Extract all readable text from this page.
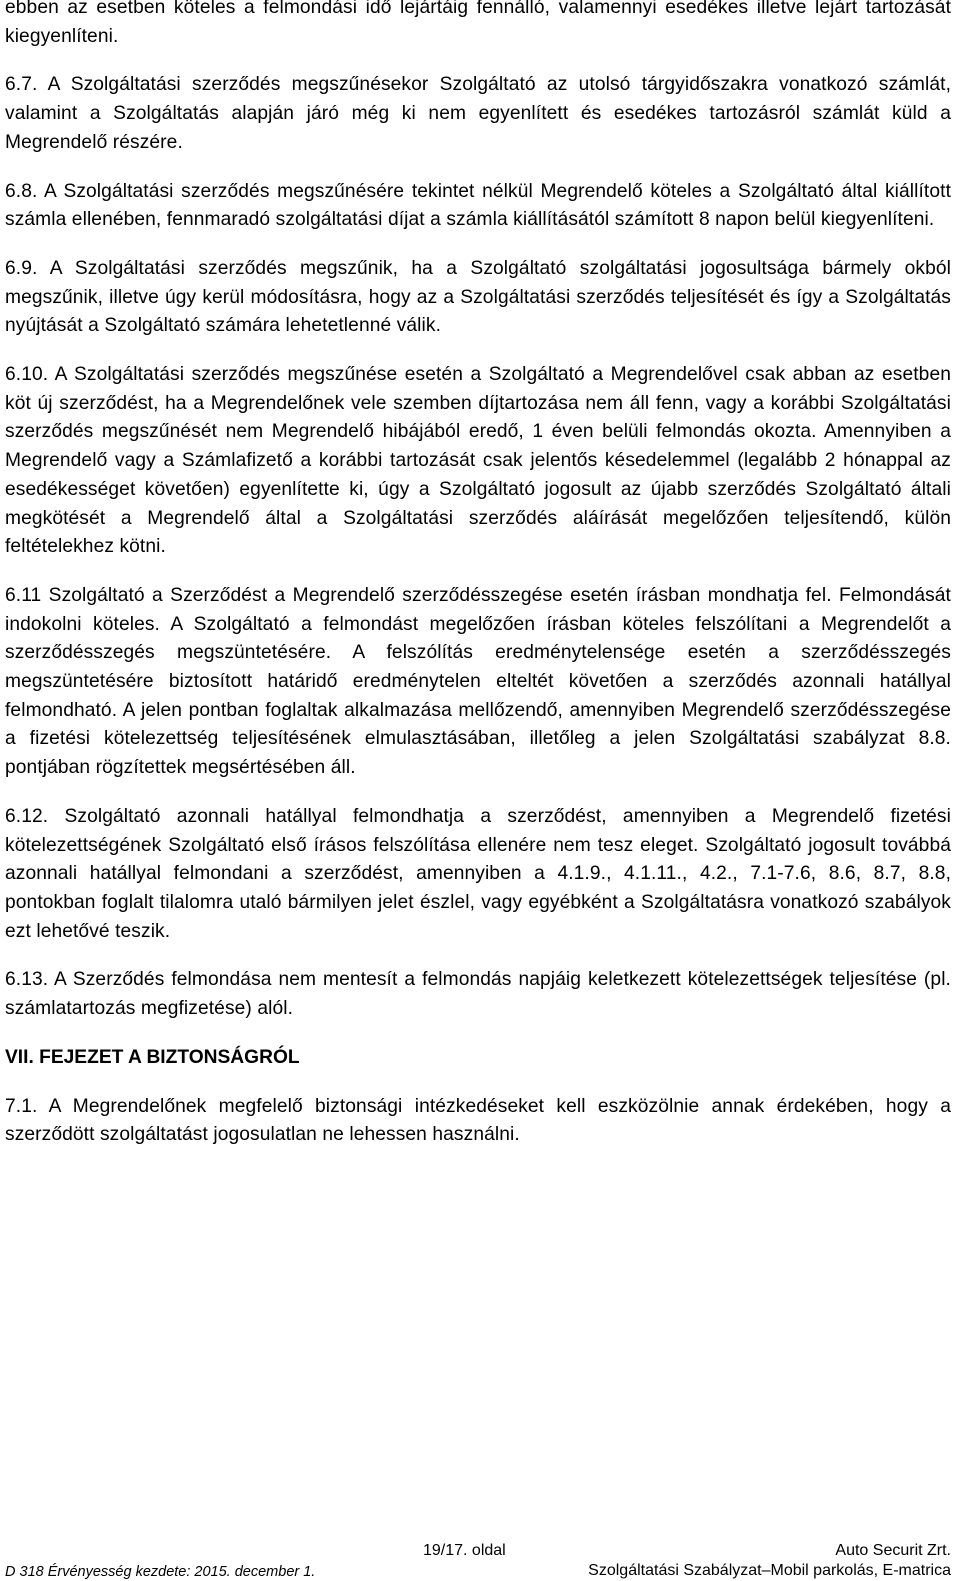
ebben az esetben köteles a felmondási idő lejártáig fennálló, valamennyi esedékes illetve lejárt tartozását kiegyenlíteni.

6.7. A Szolgáltatási szerződés megszűnésekor Szolgáltató az utolsó tárgyidőszakra vonatkozó számlát, valamint a Szolgáltatás alapján járó még ki nem egyenlített és esedékes tartozásról számlát küld a Megrendelő részére.

6.8. A Szolgáltatási szerződés megszűnésére tekintet nélkül Megrendelő köteles a Szolgáltató által kiállított számla ellenében, fennmaradó szolgáltatási díjat a számla kiállításától számított 8 napon belül kiegyenlíteni.

6.9. A Szolgáltatási szerződés megszűnik, ha a Szolgáltató szolgáltatási jogosultsága bármely okból megszűnik, illetve úgy kerül módosításra, hogy az a Szolgáltatási szerződés teljesítését és így a Szolgáltatás nyújtását a Szolgáltató számára lehetetlenné válik.

6.10. A Szolgáltatási szerződés megszűnése esetén a Szolgáltató a Megrendelővel csak abban az esetben köt új szerződést, ha a Megrendelőnek vele szemben díjtartozása nem áll fenn, vagy a korábbi Szolgáltatási szerződés megszűnését nem Megrendelő hibájából eredő, 1 éven belüli felmondás okozta. Amennyiben a Megrendelő vagy a Számlafizető a korábbi tartozását csak jelentős késedelemmel (legalább 2 hónappal az esedékességet követően) egyenlítette ki, úgy a Szolgáltató jogosult az újabb szerződés Szolgáltató általi megkötését a Megrendelő által a Szolgáltatási szerződés aláírását megelőzően teljesítendő, külön feltételekhez kötni.

6.11 Szolgáltató a Szerződést a Megrendelő szerződésszegése esetén írásban mondhatja fel. Felmondását indokolni köteles. A Szolgáltató a felmondást megelőzően írásban köteles felszólítani a Megrendelőt a szerződésszegés megszüntetésére. A felszólítás eredménytelensége esetén a szerződésszegés megszüntetésére biztosított határidő eredménytelen elteltét követően a szerződés azonnali hatállyal felmondható. A jelen pontban foglaltak alkalmazása mellőzendő, amennyiben Megrendelő szerződésszegése a fizetési kötelezettség teljesítésének elmulasztásában, illetőleg a jelen Szolgáltatási szabályzat 8.8. pontjában rögzítettek megsértésében áll.

6.12. Szolgáltató azonnali hatállyal felmondhatja a szerződést, amennyiben a Megrendelő fizetési kötelezettségének Szolgáltató első írásos felszólítása ellenére nem tesz eleget. Szolgáltató jogosult továbbá azonnali hatállyal felmondani a szerződést, amennyiben a 4.1.9., 4.1.11., 4.2., 7.1-7.6, 8.6, 8.7, 8.8, pontokban foglalt tilalomra utaló bármilyen jelet észlel, vagy egyébként a Szolgáltatásra vonatkozó szabályok ezt lehetővé teszik.

6.13. A Szerződés felmondása nem mentesít a felmondás napjáig keletkezett kötelezettségek teljesítése (pl. számlatartozás megfizetése) alól.

VII. FEJEZET A BIZTONSÁGRÓL

7.1. A Megrendelőnek megfelelő biztonsági intézkedéseket kell eszközölnie annak érdekében, hogy a szerződött szolgáltatást jogosulatlan ne lehessen használni.

19/17. oldal	Auto Securit Zrt.
D 318 Érvényesség kezdete: 2015. december 1.	Szolgáltatási Szabályzat–Mobil parkolás, E-matrica
